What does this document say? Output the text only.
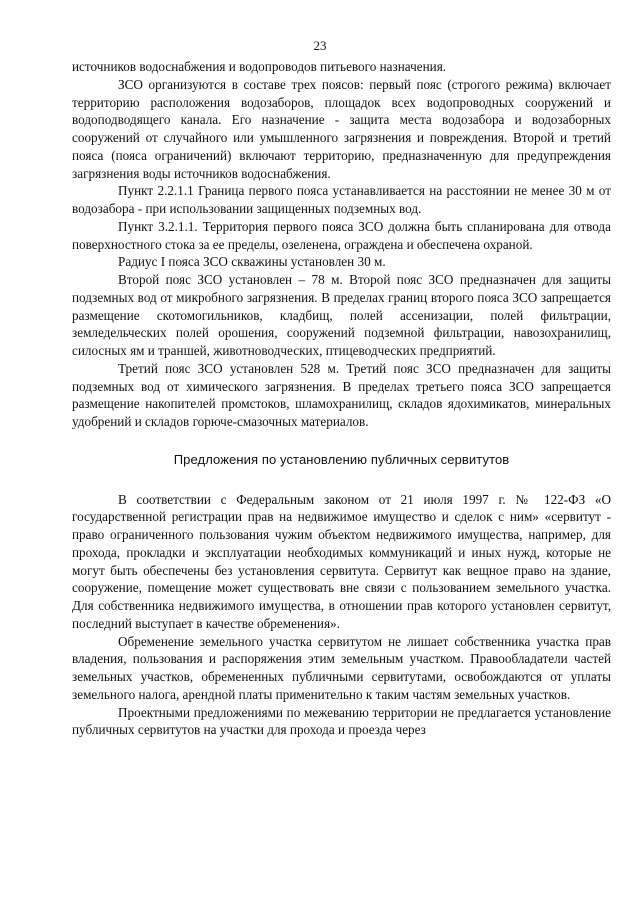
23

источников водоснабжения и водопроводов питьевого назначения.

ЗСО организуются в составе трех поясов: первый пояс (строгого режима) включает территорию расположения водозаборов, площадок всех водопроводных сооружений и водоподводящего канала. Его назначение - защита места водозабора и водозаборных сооружений от случайного или умышленного загрязнения и повреждения. Второй и третий пояса (пояса ограничений) включают территорию, предназначенную для предупреждения загрязнения воды источников водоснабжения.

Пункт 2.2.1.1 Граница первого пояса устанавливается на расстоянии не менее 30 м от водозабора - при использовании защищенных подземных вод.

Пункт 3.2.1.1. Территория первого пояса ЗСО должна быть спланирована для отвода поверхностного стока за ее пределы, озеленена, ограждена и обеспечена охраной.

Радиус I пояса ЗСО скважины установлен 30 м.

Второй пояс ЗСО установлен – 78 м. Второй пояс ЗСО предназначен для защиты подземных вод от микробного загрязнения. В пределах границ второго пояса ЗСО запрещается размещение скотомогильников, кладбищ, полей ассенизации, полей фильтрации, земледельческих полей орошения, сооружений подземной фильтрации, навозохранилищ, силосных ям и траншей, животноводческих, птицеводческих предприятий.

Третий пояс ЗСО установлен 528 м. Третий пояс ЗСО предназначен для защиты подземных вод от химического загрязнения. В пределах третьего пояса ЗСО запрещается размещение накопителей промстоков, шламохранилищ, складов ядохимикатов, минеральных удобрений и складов горюче-смазочных материалов.

Предложения по установлению публичных сервитутов

В соответствии с Федеральным законом от 21 июля 1997 г. № 122-ФЗ «О государственной регистрации прав на недвижимое имущество и сделок с ним» «сервитут - право ограниченного пользования чужим объектом недвижимого имущества, например, для прохода, прокладки и эксплуатации необходимых коммуникаций и иных нужд, которые не могут быть обеспечены без установления сервитута. Сервитут как вещное право на здание, сооружение, помещение может существовать вне связи с пользованием земельного участка. Для собственника недвижимого имущества, в отношении прав которого установлен сервитут, последний выступает в качестве обременения».

Обременение земельного участка сервитутом не лишает собственника участка прав владения, пользования и распоряжения этим земельным участком. Правообладатели частей земельных участков, обремененных публичными сервитутами, освобождаются от уплаты земельного налога, арендной платы применительно к таким частям земельных участков.

Проектными предложениями по межеванию территории не предлагается установление публичных сервитутов на участки для прохода и проезда через
